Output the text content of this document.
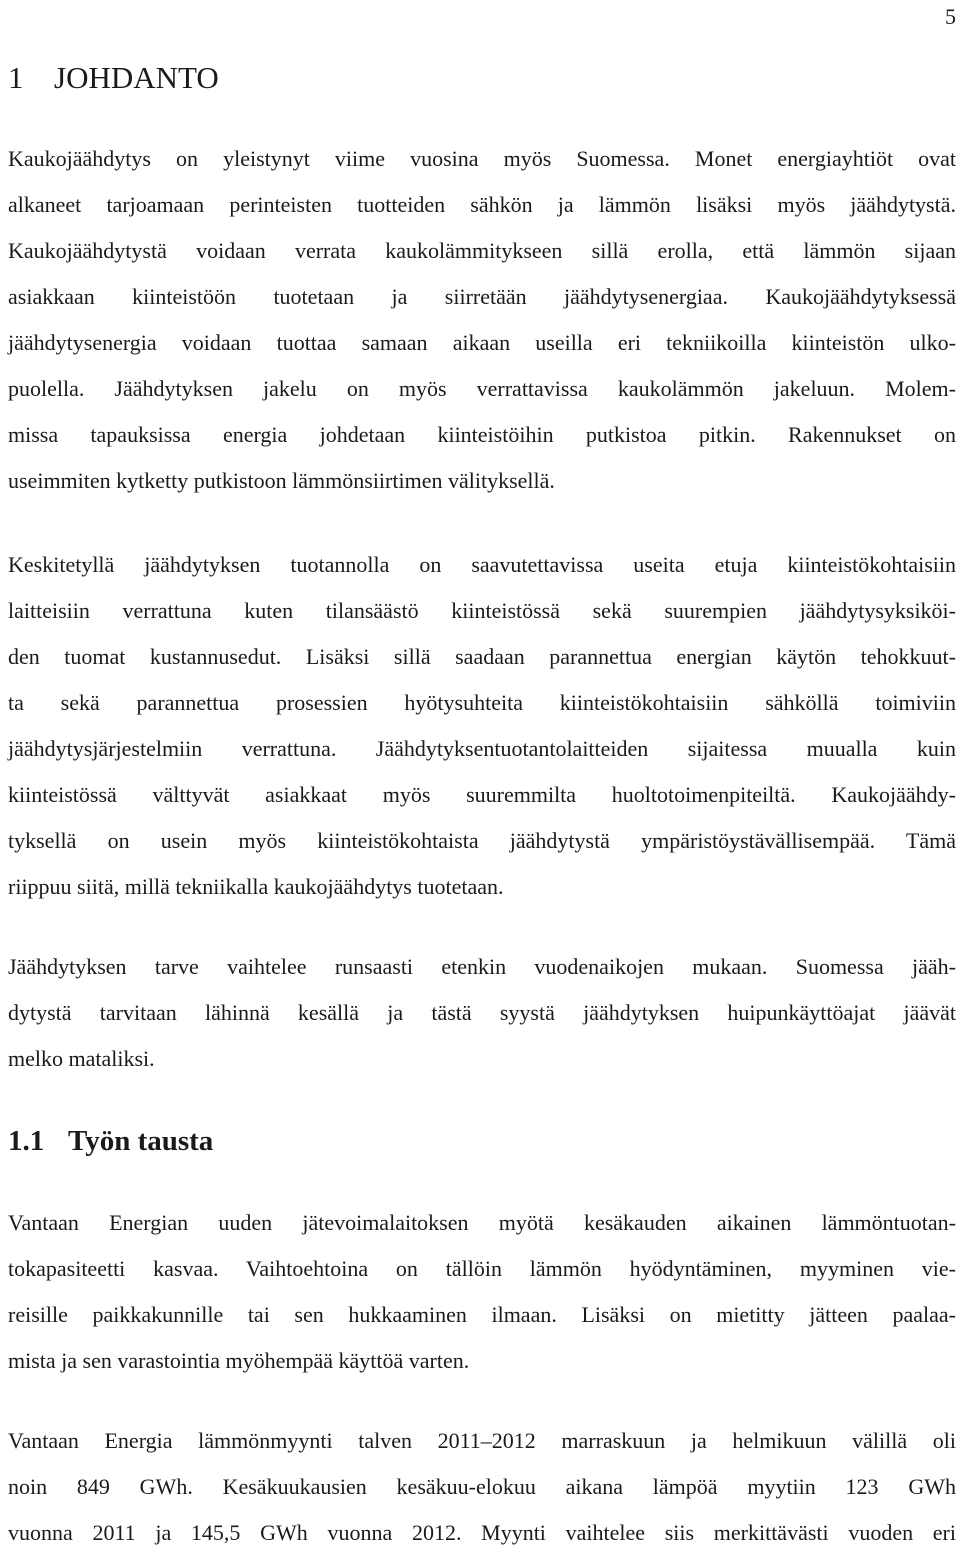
5
1 JOHDANTO
Kaukojäähdytys on yleistynyt viime vuosina myös Suomessa. Monet energiayhtiöt ovat
alkaneet tarjoamaan perinteisten tuotteiden sähkön ja lämmön lisäksi myös jäähdytystä.
Kaukojäähdytystä voidaan verrata kaukolämmitykseen sillä erolla, että lämmön sijaan
asiakkaan kiinteistöön tuotetaan ja siirretään jäähdytysenergiaa. Kaukojäähdytyksessä
jäähdytysenergia voidaan tuottaa samaan aikaan useilla eri tekniikoilla kiinteistön ulko-
puolella. Jäähdytyksen jakelu on myös verrattavissa kaukolämmön jakeluun. Molem-
missa tapauksissa energia johdetaan kiinteistöihin putkistoa pitkin. Rakennukset on
useimmiten kytketty putkistoon lämmönsiirtimen välityksellä.
Keskitetyllä jäähdytyksen tuotannolla on saavutettavissa useita etuja kiinteistökohtaisiin
laitteisiin verrattuna kuten tilansäästö kiinteistössä sekä suurempien jäähdytysyksiköi-
den tuomat kustannusedut. Lisäksi sillä saadaan parannettua energian käytön tehokkuut-
ta sekä parannettua prosessien hyötysuhteita kiinteistökohtaisiin sähköllä toimiviin
jäähdytysjärjestelmiin verrattuna. Jäähdytyksentuotantolaitteiden sijaitessa muualla kuin
kiinteistössä välttyvät asiakkaat myös suuremmilta huoltotoimenpiteiltä. Kaukojäähdy-
tyksellä on usein myös kiinteistökohtaista jäähdytystä ympäristöystävällisempää. Tämä
riippuu siitä, millä tekniikalla kaukojäähdytys tuotetaan.
Jäähdytyksen tarve vaihtelee runsaasti etenkin vuodenaikojen mukaan. Suomessa jääh-
dytystä tarvitaan lähinnä kesällä ja tästä syystä jäähdytyksen huipunkäyttöajat jäävät
melko mataliksi.
1.1 Työn tausta
Vantaan Energian uuden jätevoimalaitoksen myötä kesäkauden aikainen lämmöntuotan-
tokapasiteetti kasvaa. Vaihtoehtoina on tällöin lämmön hyödyntäminen, myyminen vie-
reisille paikkakunnille tai sen hukkaaminen ilmaan. Lisäksi on mietitty jätteen paalaa-
mista ja sen varastointia myöhempää käyttöä varten.
Vantaan Energia lämmönmyynti talven 2011–2012 marraskuun ja helmikuun välillä oli
noin 849 GWh. Kesäkuukausien kesäkuu-elokuu aikana lämpöä myytiin 123 GWh
vuonna 2011 ja 145,5 GWh vuonna 2012. Myynti vaihtelee siis merkittävästi vuoden eri
